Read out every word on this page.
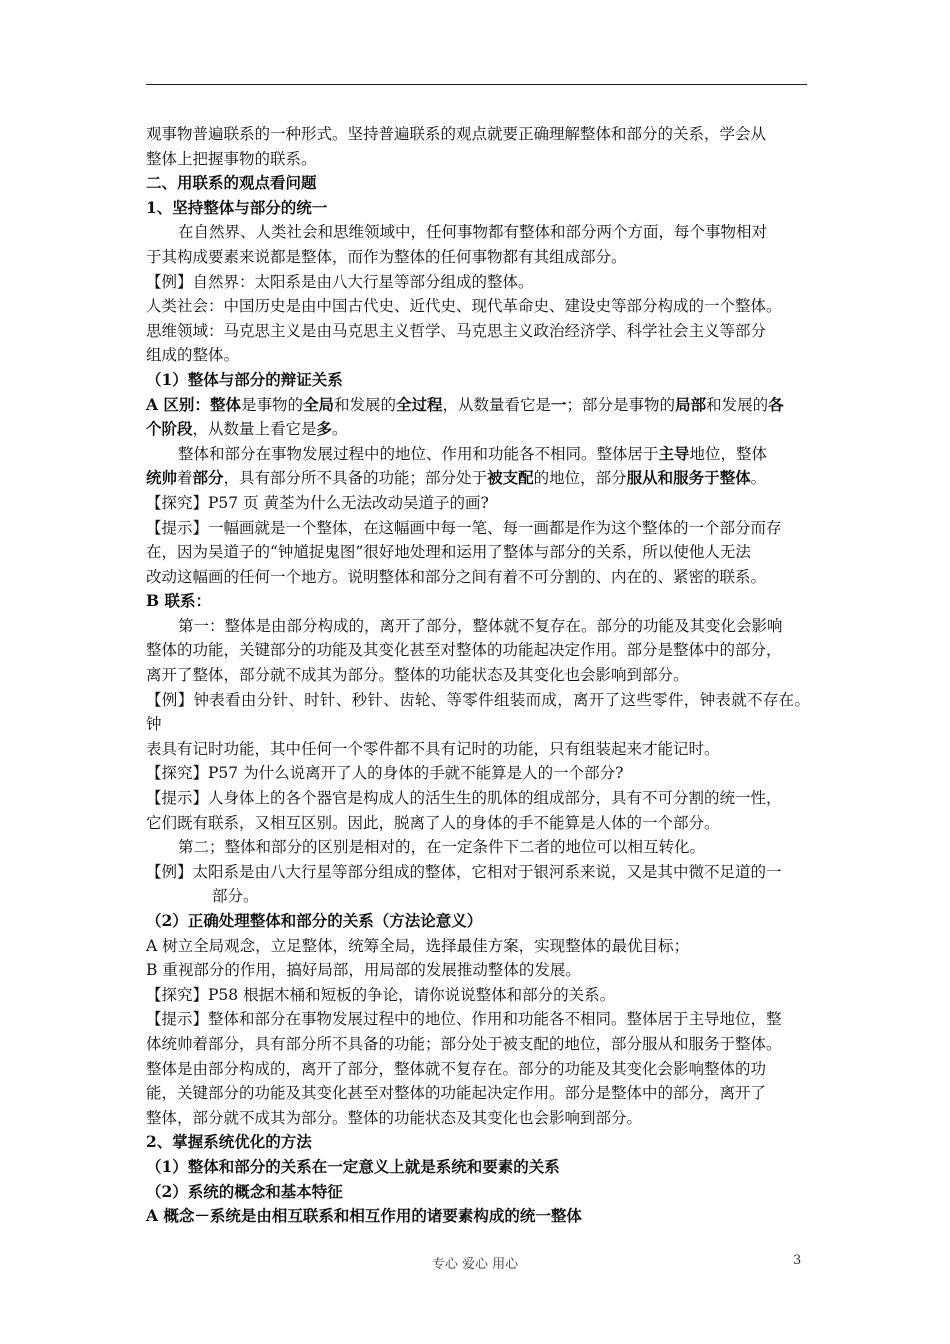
观事物普遍联系的一种形式。坚持普遍联系的观点就要正确理解整体和部分的关系，学会从

整体上把握事物的联系。

二、用联系的观点看问题

1、坚持整体与部分的统一

在自然界、人类社会和思维领域中，任何事物都有整体和部分两个方面，每个事物相对

于其构成要素来说都是整体，而作为整体的任何事物都有其组成部分。

【例】自然界：太阳系是由八大行星等部分组成的整体。

人类社会：中国历史是由中国古代史、近代史、现代革命史、建设史等部分构成的一个整体。

思维领域：马克思主义是由马克思主义哲学、马克思主义政治经济学、科学社会主义等部分

组成的整体。

（1）整体与部分的辩证关系

A 区别：整体是事物的全局和发展的全过程，从数量看它是一；部分是事物的局部和发展的各

个阶段，从数量上看它是多。

整体和部分在事物发展过程中的地位、作用和功能各不相同。整体居于主导地位，整体

统帅着部分，具有部分所不具备的功能；部分处于被支配的地位，部分服从和服务于整体。

【探究】P57 页 黄荃为什么无法改动吴道子的画?

【提示】一幅画就是一个整体，在这幅画中每一笔、每一画都是作为这个整体的一个部分而存

在，因为吴道子的“钟馗捉鬼图”很好地处理和运用了整体与部分的关系，所以使他人无法

改动这幅画的任何一个地方。说明整体和部分之间有着不可分割的、内在的、紧密的联系。

B 联系：

第一：整体是由部分构成的，离开了部分，整体就不复存在。部分的功能及其变化会影响

整体的功能，关键部分的功能及其变化甚至对整体的功能起决定作用。部分是整体中的部分，

离开了整体，部分就不成其为部分。整体的功能状态及其变化也会影响到部分。

【例】钟表看由分针、时针、秒针、齿轮、等零件组装而成，离开了这些零件，钟表就不存在。钟

表具有记时功能，其中任何一个零件都不具有记时的功能，只有组装起来才能记时。

【探究】P57 为什么说离开了人的身体的手就不能算是人的一个部分?

【提示】人身体上的各个器官是构成人的活生生的肌体的组成部分，具有不可分割的统一性，

它们既有联系，又相互区别。因此，脱离了人的身体的手不能算是人体的一个部分。

第二；整体和部分的区别是相对的，在一定条件下二者的地位可以相互转化。

【例】太阳系是由八大行星等部分组成的整体，它相对于银河系来说，又是其中微不足道的一

部分。

（2）正确处理整体和部分的关系（方法论意义）

A 树立全局观念，立足整体，统筹全局，选择最佳方案，实现整体的最优目标；

B 重视部分的作用，搞好局部，用局部的发展推动整体的发展。

【探究】P58 根据木桶和短板的争论，请你说说整体和部分的关系。

【提示】整体和部分在事物发展过程中的地位、作用和功能各不相同。整体居于主导地位，整

体统帅着部分，具有部分所不具备的功能；部分处于被支配的地位，部分服从和服务于整体。

整体是由部分构成的，离开了部分，整体就不复存在。部分的功能及其变化会影响整体的功

能，关键部分的功能及其变化甚至对整体的功能起决定作用。部分是整体中的部分，离开了

整体，部分就不成其为部分。整体的功能状态及其变化也会影响到部分。

2、掌握系统优化的方法

（1）整体和部分的关系在一定意义上就是系统和要素的关系

（2）系统的概念和基本特征

A 概念－系统是由相互联系和相互作用的诸要素构成的统一整体

专心 爱心 用心	3
